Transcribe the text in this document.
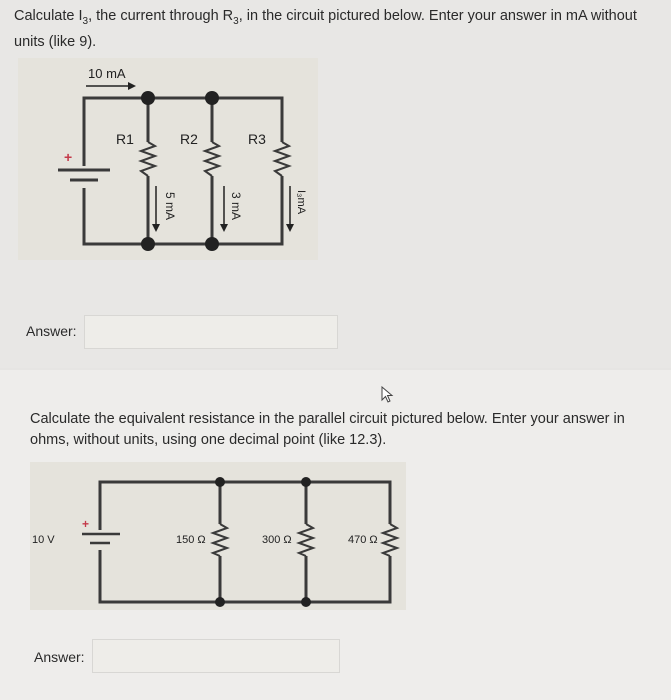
Calculate $I_3$, the current through $R_3$, in the circuit pictured below. Enter your answer in mA without units (like 9).
10 mA
+
R1	R2	R3
5 mA	3 mA	I₃mA
Answer:
Calculate the equivalent resistance in the parallel circuit pictured below. Enter your answer in ohms, without units, using one decimal point (like 12.3).
10 V
+
150 Ω	300 Ω	470 Ω
Answer:
